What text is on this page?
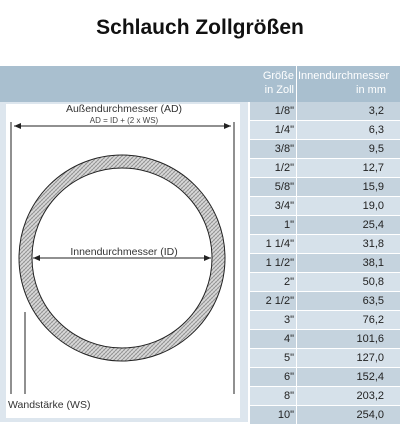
Schlauch Zollgrößen
Größe
in Zoll
Innendurchmesser
in mm
Außendurchmesser (AD)
AD = ID + (2 x WS)
Innendurchmesser (ID)
Wandstärke (WS)
1/8"	3,2
1/4"	6,3
3/8"	9,5
1/2"	12,7
5/8"	15,9
3/4"	19,0
1"	25,4
1 1/4"	31,8
1 1/2"	38,1
2"	50,8
2 1/2"	63,5
3"	76,2
4"	101,6
5"	127,0
6"	152,4
8"	203,2
10"	254,0
